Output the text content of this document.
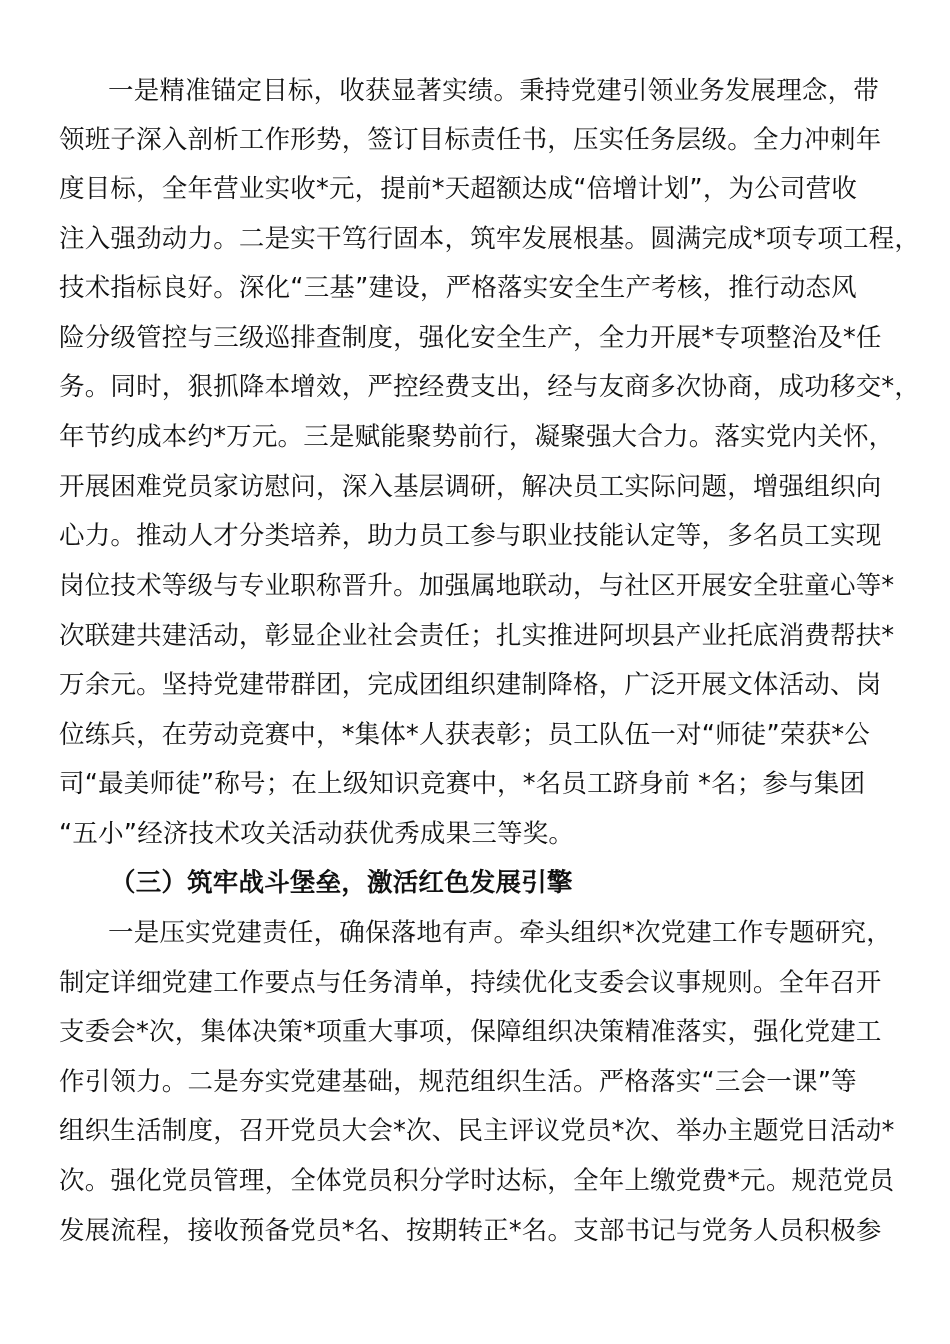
一是精准锚定目标，收获显著实绩。秉持党建引领业务发展理念，带
领班子深入剖析工作形势，签订目标责任书，压实任务层级。全力冲刺年
度目标，全年营业实收*元，提前*天超额达成“倍增计划”，为公司营收
注入强劲动力。二是实干笃行固本，筑牢发展根基。圆满完成*项专项工程，
技术指标良好。深化“三基”建设，严格落实安全生产考核，推行动态风
险分级管控与三级巡排查制度，强化安全生产，全力开展*专项整治及*任
务。同时，狠抓降本增效，严控经费支出，经与友商多次协商，成功移交*，
年节约成本约*万元。三是赋能聚势前行，凝聚强大合力。落实党内关怀，
开展困难党员家访慰问，深入基层调研，解决员工实际问题，增强组织向
心力。推动人才分类培养，助力员工参与职业技能认定等，多名员工实现
岗位技术等级与专业职称晋升。加强属地联动，与社区开展安全驻童心等*
次联建共建活动，彰显企业社会责任；扎实推进阿坝县产业托底消费帮扶*
万余元。坚持党建带群团，完成团组织建制降格，广泛开展文体活动、岗
位练兵，在劳动竞赛中，*集体*人获表彰；员工队伍一对“师徒”荣获*公
司“最美师徒”称号；在上级知识竞赛中，*名员工跻身前 *名；参与集团
“五小”经济技术攻关活动获优秀成果三等奖。
（三）筑牢战斗堡垒，激活红色发展引擎
一是压实党建责任，确保落地有声。牵头组织*次党建工作专题研究，
制定详细党建工作要点与任务清单，持续优化支委会议事规则。全年召开
支委会*次，集体决策*项重大事项，保障组织决策精准落实，强化党建工
作引领力。二是夯实党建基础，规范组织生活。严格落实“三会一课”等
组织生活制度，召开党员大会*次、民主评议党员*次、举办主题党日活动*
次。强化党员管理，全体党员积分学时达标，全年上缴党费*元。规范党员
发展流程，接收预备党员*名、按期转正*名。支部书记与党务人员积极参
